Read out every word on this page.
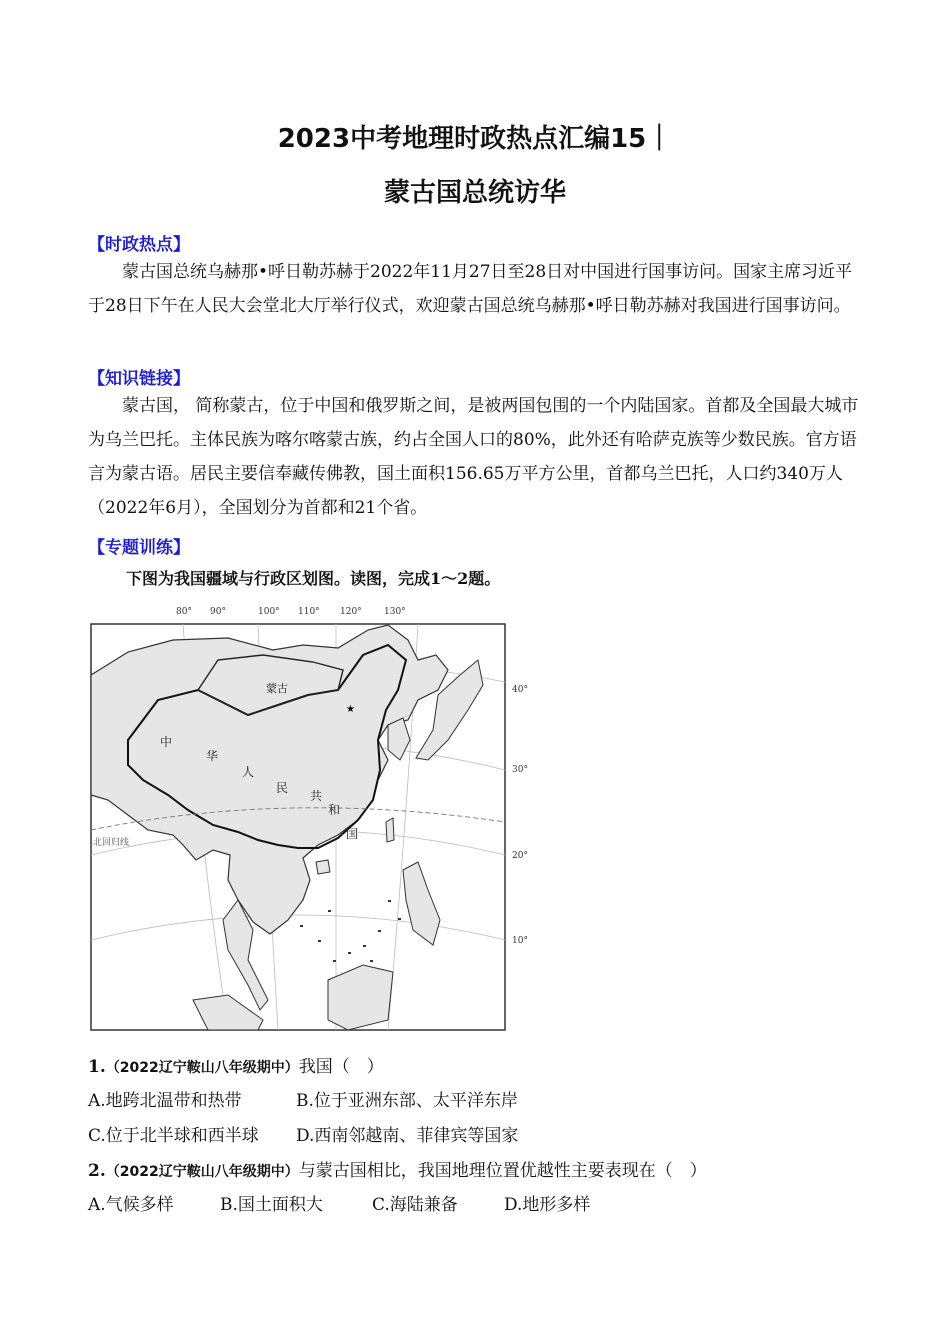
2023中考地理时政热点汇编15｜
蒙古国总统访华
【时政热点】

蒙古国总统乌赫那•呼日勒苏赫于2022年11月27日至28日对中国进行国事访问。国家主席习近平于28日下午在人民大会堂北大厅举行仪式，欢迎蒙古国总统乌赫那•呼日勒苏赫对我国进行国事访问。

【知识链接】

蒙古国， 简称蒙古，位于中国和俄罗斯之间，是被两国包围的一个内陆国家。首都及全国最大城市为乌兰巴托。主体民族为喀尔喀蒙古族，约占全国人口的80%，此外还有哈萨克族等少数民族。官方语言为蒙古语。居民主要信奉藏传佛教，国土面积156.65万平方公里，首都乌兰巴托，人口约340万人（2022年6月），全国划分为首都和21个省。

【专题训练】
下图为我国疆域与行政区划图。读图，完成1～2题。
★
80° 90°	100° 110° 120° 130°
40°
30°
20°
10°
蒙古
中
华
人
民
共
和
国
北回归线
1.（2022辽宁鞍山八年级期中）我国（　）
A.地跨北温带和热带	B.位于亚洲东部、太平洋东岸
C.位于北半球和西半球 D.西南邻越南、菲律宾等国家
2.（2022辽宁鞍山八年级期中）与蒙古国相比，我国地理位置优越性主要表现在（　）
A.气候多样	B.国土面积大	C.海陆兼备	D.地形多样
